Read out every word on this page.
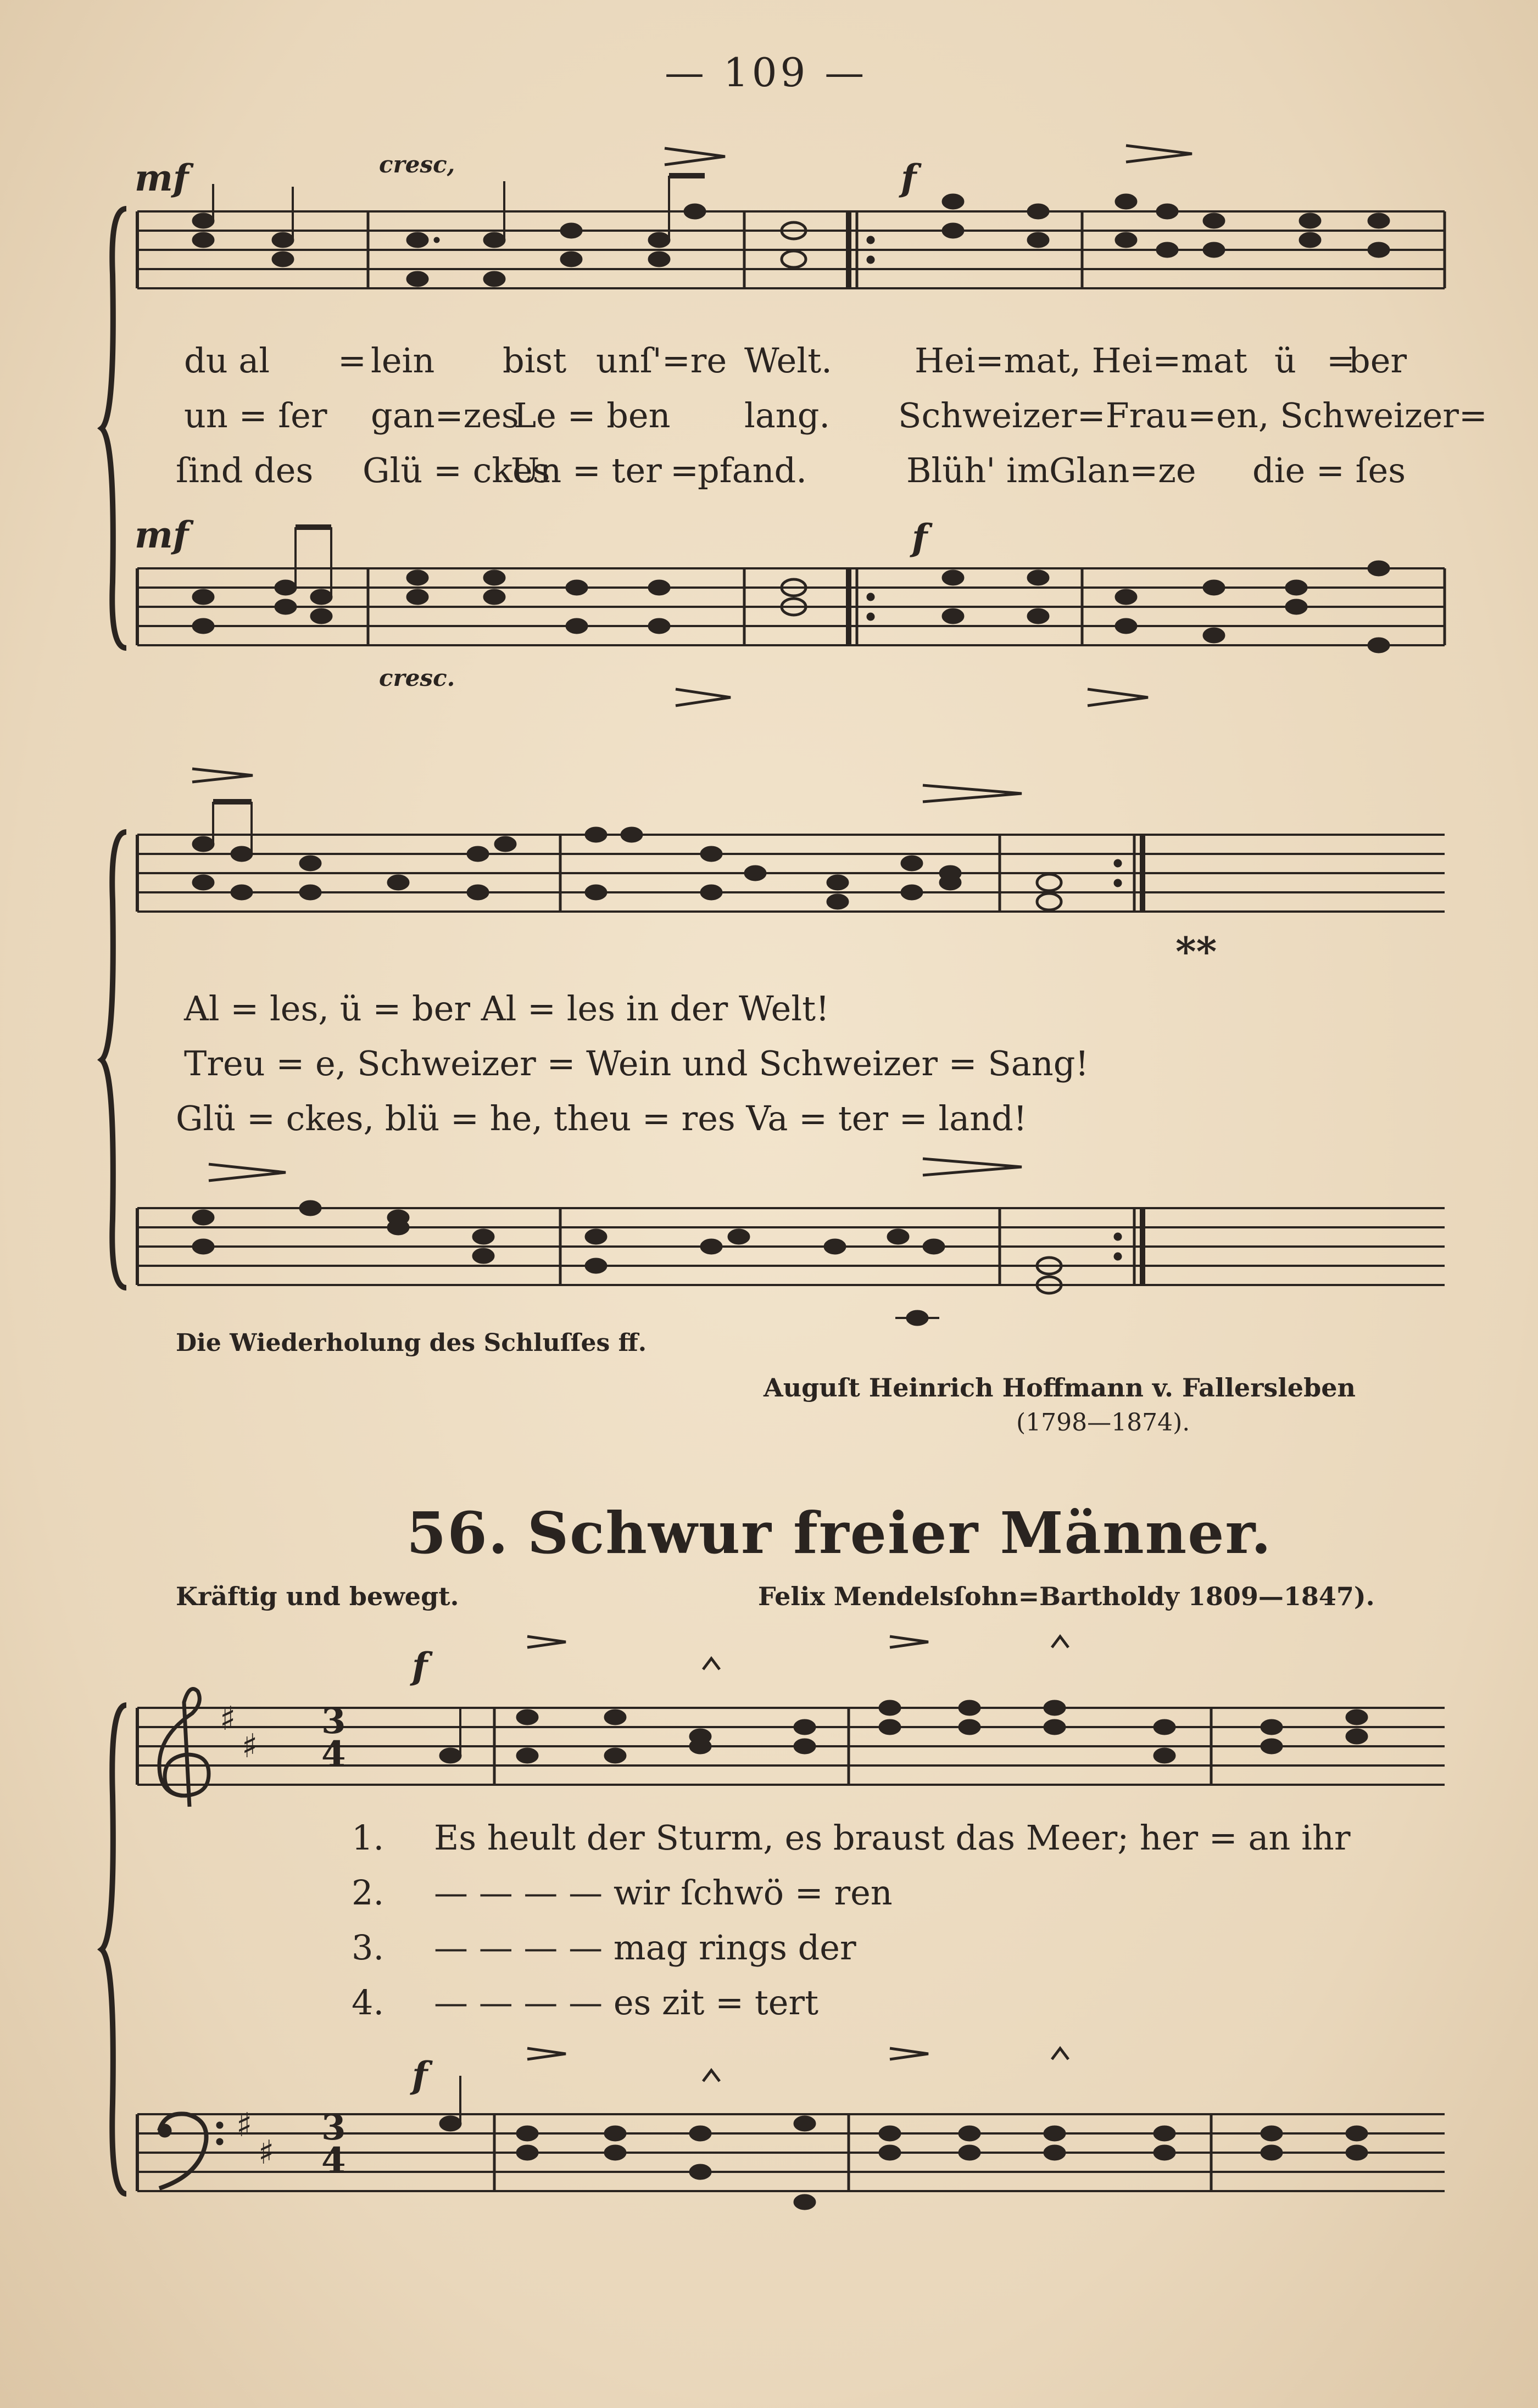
— 109 —
mf	cresc,	f
♯
♯
♯
♯
du al = lein bist unſ'=re Welt. Hei=mat, Hei=mat ü =
ber
un = ſer gan=zes
Le = ben lang. Schweizer=Frau=en, Schweizer=
ſind des Glü = ckes
Un = ter =
pfand.	Blüh' im Glan=ze die = ſes
mf
cresc.
f
Al = les, ü = ber Al = les in der Welt!
Treu = e, Schweizer = Wein und Schweizer = Sang!
Glü = ckes, blü = he, theu = res Va = ter = land!
**
Die Wiederholung des Schluſſes ff.
Auguſt Heinrich Hoffmann v. Fallersleben
(1798—1874).
56. Schwur freier Männer.
Kräftig und bewegt.	Felix Mendelsſohn=Bartholdy 1809—1847).
3
4
3
4
f
f
1. Es heult der Sturm, es braust das Meer; her = an ihr
2. — — — — wir ſchwö = ren
3. — — — — mag rings der
4. — — — — es zit = tert
